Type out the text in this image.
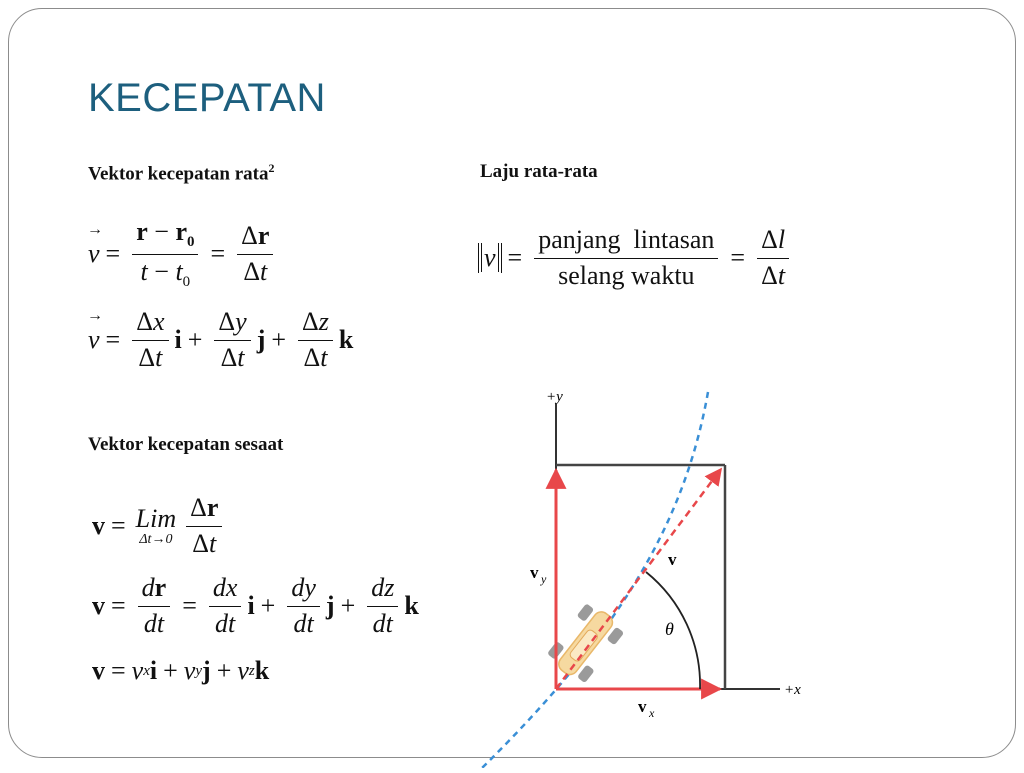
KECEPATAN
Vektor kecepatan rata$^2$	Laju rata-rata
Vektor kecepatan sesaat
→ $v = \frac{r - r_0}{t - t_0} = \frac{\Delta r}{\Delta t}$
→ $v = \frac{\Delta x}{\Delta t}$ $i + \frac{\Delta y}{\Delta t}$ $j + \frac{\Delta z}{\Delta t}$ k
$v = \frac{\text{panjang  lintasan}}{\text{selang waktu}} = \frac{\Delta l}{\Delta t}$
v = Lim
$\Delta t\to 0 \frac{\Delta r}{\Delta t}$
$v = \frac{dr}{dt} = \frac{dx}{dt}$ $i + \frac{dy}{dt}$ $j + \frac{dz}{dt}$ k
v = v x i + v y j + v z k
+y
+x
θ
v
v y
v x
